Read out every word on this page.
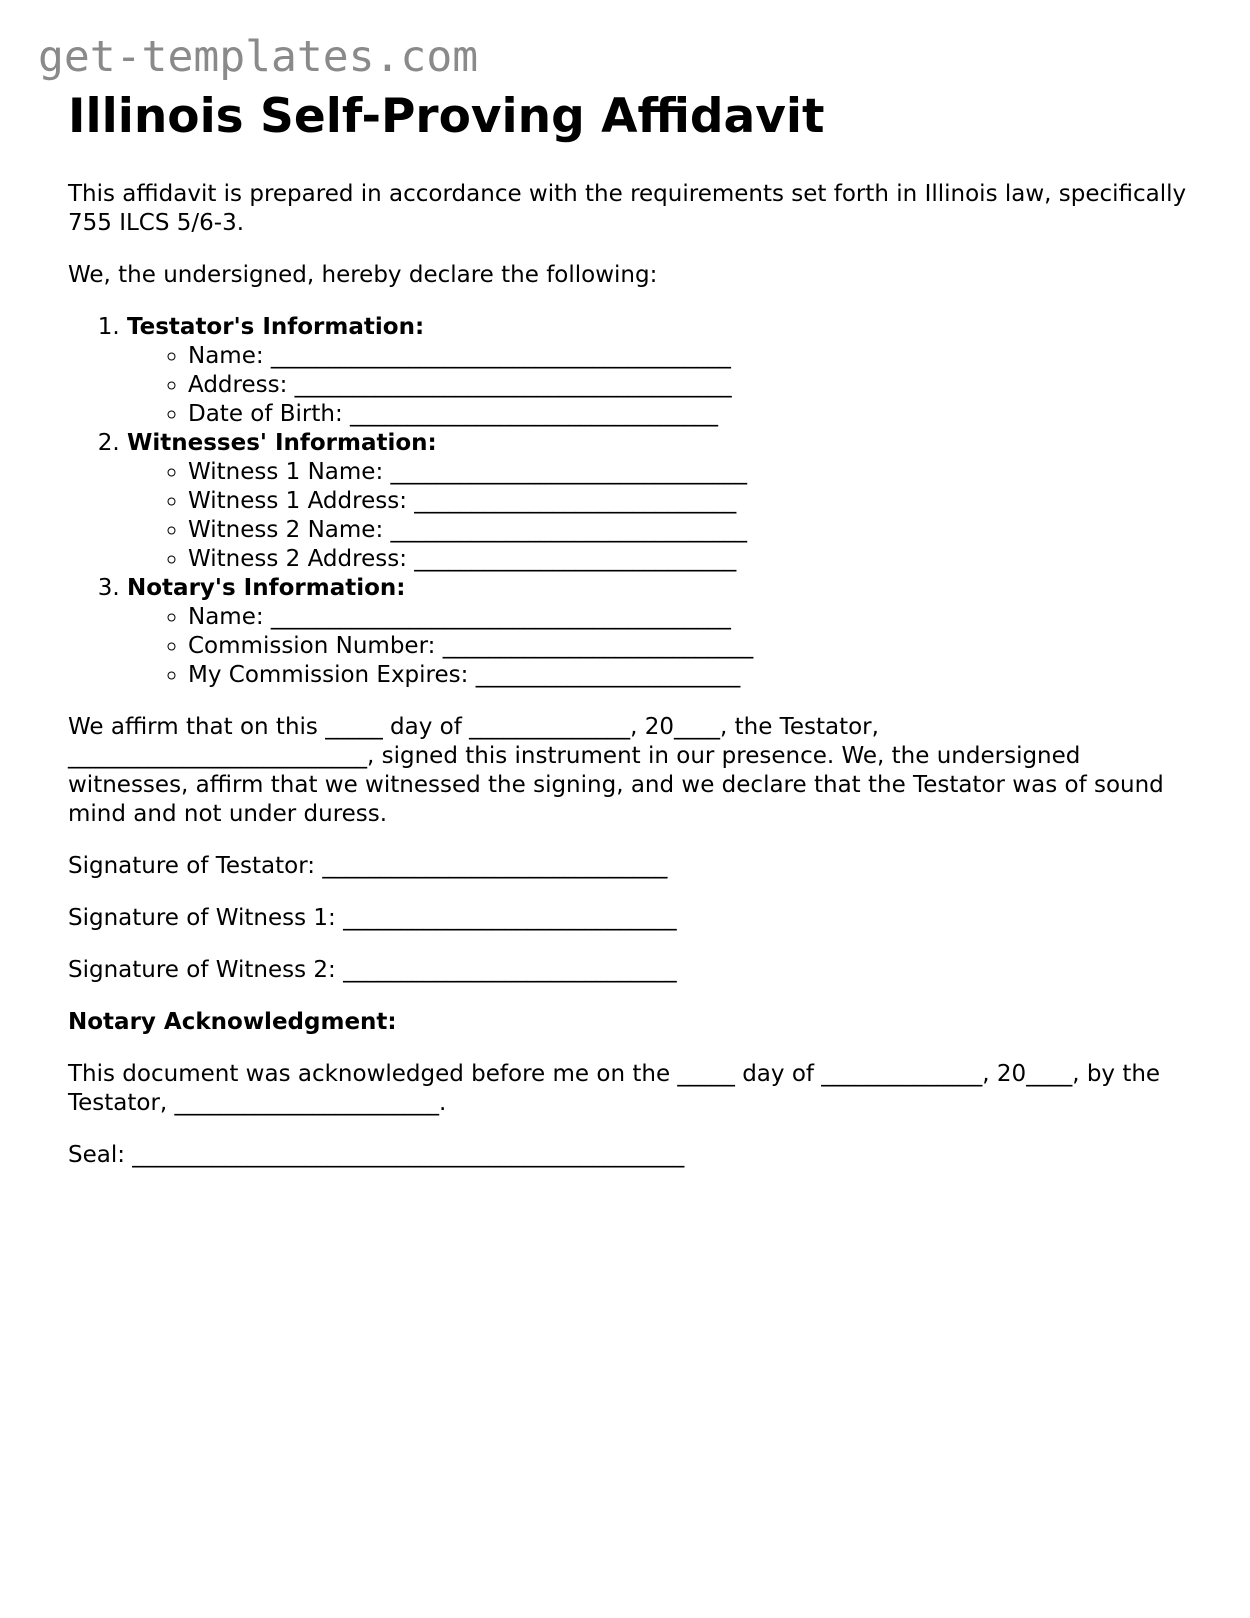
get-templates.com
Illinois Self-Proving Affidavit

This affidavit is prepared in accordance with the requirements set forth in Illinois law, specifically 755 ILCS 5/6-3.

We, the undersigned, hereby declare the following:

1. Testator's Information:
◦ Name: ________________________________________
◦ Address: ______________________________________
◦ Date of Birth: ________________________________
2. Witnesses' Information:
◦ Witness 1 Name: _______________________________
◦ Witness 1 Address: ____________________________
◦ Witness 2 Name: _______________________________
◦ Witness 2 Address: ____________________________
3. Notary's Information:
◦ Name: ________________________________________
◦ Commission Number: ___________________________
◦ My Commission Expires: _______________________

We affirm that on this _____ day of ______________, 20____, the Testator, __________________________, signed this instrument in our presence. We, the undersigned witnesses, affirm that we witnessed the signing, and we declare that the Testator was of sound mind and not under duress.

Signature of Testator: ______________________________

Signature of Witness 1: _____________________________

Signature of Witness 2: _____________________________

Notary Acknowledgment:

This document was acknowledged before me on the _____ day of ______________, 20____, by the Testator, _______________________.

Seal: ________________________________________________
